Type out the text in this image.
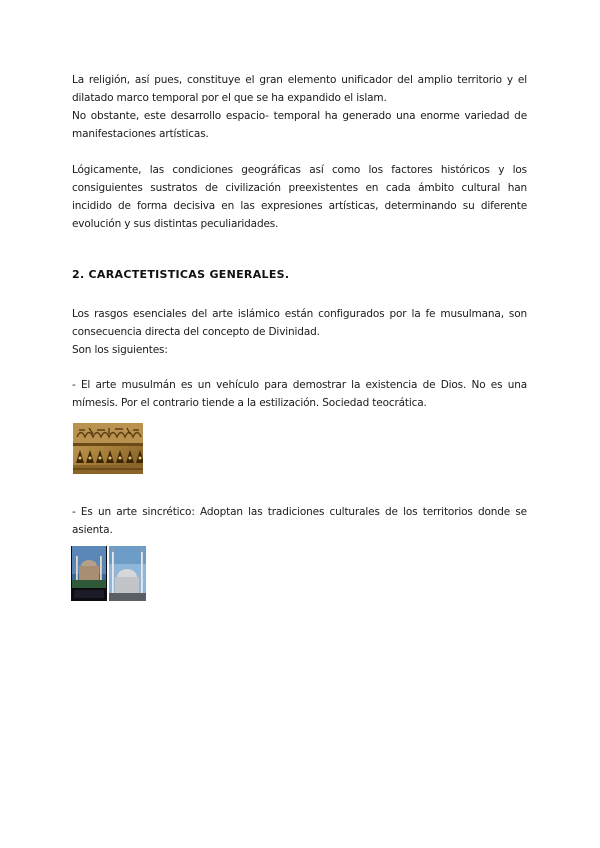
La religión, así pues, constituye el gran elemento unificador del amplio territorio y el dilatado marco temporal por el que se ha expandido el islam.

No obstante, este desarrollo espacio- temporal ha generado una enorme variedad de manifestaciones artísticas.

Lógicamente, las condiciones geográficas así como los factores históricos y los consiguientes sustratos de civilización preexistentes en cada ámbito cultural han incidido de forma decisiva en las expresiones artísticas, determinando su diferente evolución y sus distintas peculiaridades.

2. CARACTETISTICAS GENERALES.

Los rasgos esenciales del arte islámico están configurados por la fe musulmana, son consecuencia directa del concepto de Divinidad.

Son los siguientes:

- El arte musulmán es un vehículo para demostrar la existencia de Dios. No es una mímesis. Por el contrario tiende a la estilización. Sociedad teocrática.

- Es un arte sincrético: Adoptan las tradiciones culturales de los territorios donde se asienta.
